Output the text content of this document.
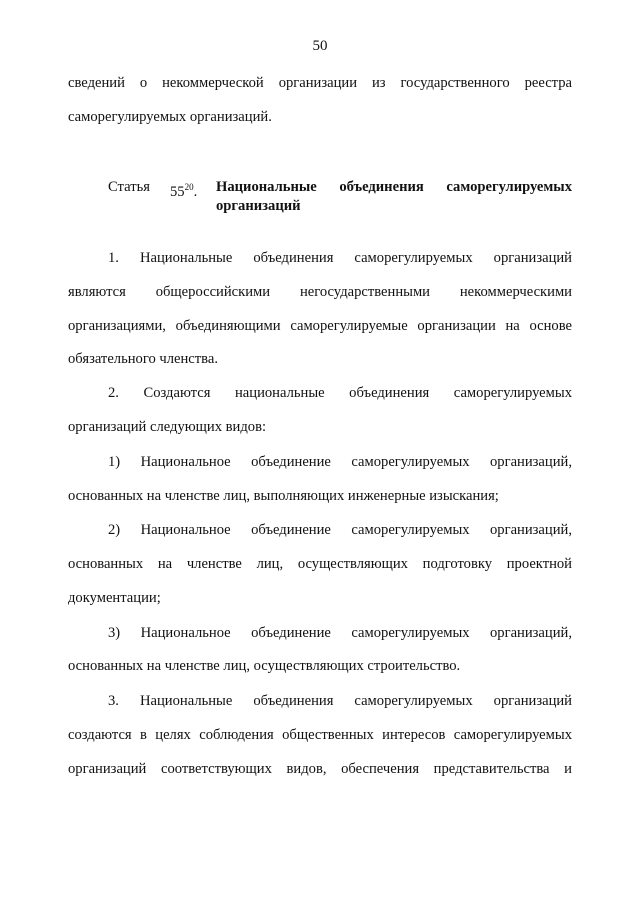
50
сведений о некоммерческой организации из государственного реестра
саморегулируемых организаций.
Статья $55^{20}$. Национальные объединения саморегулируемых
организаций
1. Национальные объединения саморегулируемых организаций
являются общероссийскими негосударственными некоммерческими
организациями, объединяющими саморегулируемые организации на основе
обязательного членства.
2. Создаются национальные объединения саморегулируемых
организаций следующих видов:
1) Национальное объединение саморегулируемых организаций,
основанных на членстве лиц, выполняющих инженерные изыскания;
2) Национальное объединение саморегулируемых организаций,
основанных на членстве лиц, осуществляющих подготовку проектной
документации;
3) Национальное объединение саморегулируемых организаций,
основанных на членстве лиц, осуществляющих строительство.
3. Национальные объединения саморегулируемых организаций
создаются в целях соблюдения общественных интересов саморегулируемых
организаций соответствующих видов, обеспечения представительства и
